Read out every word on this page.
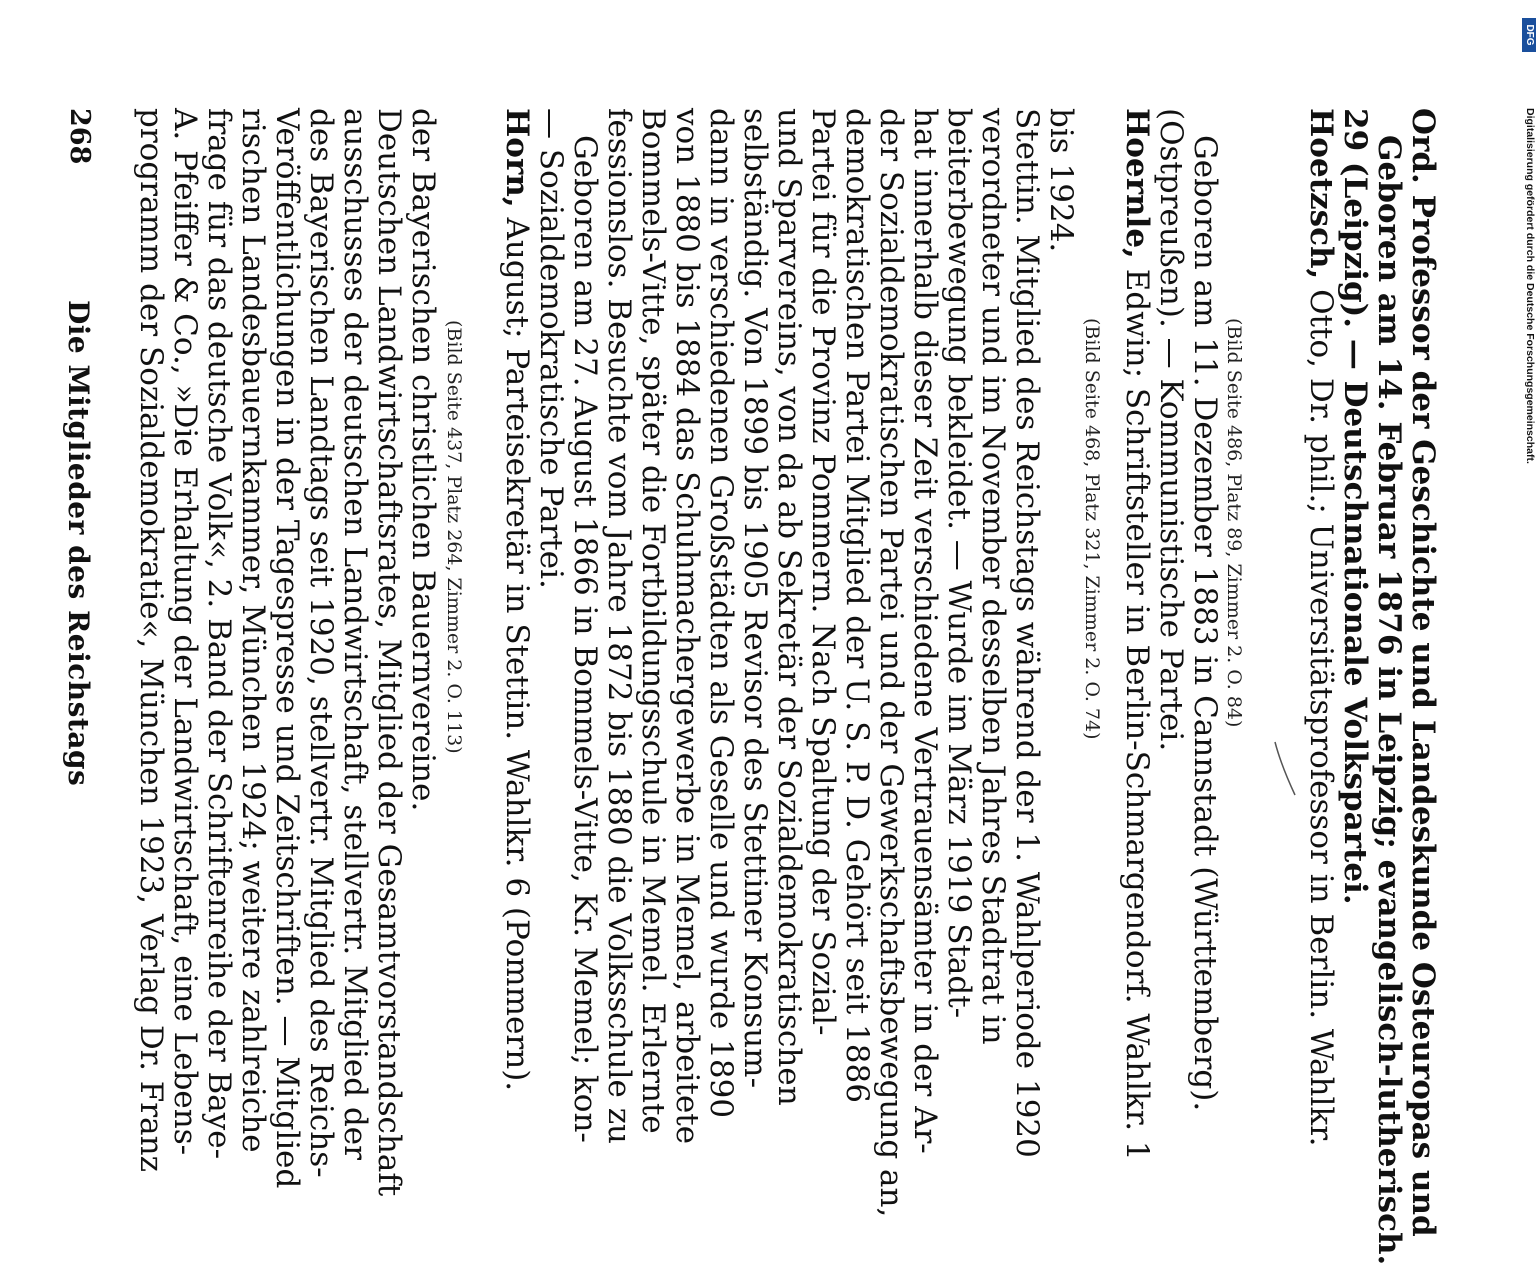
268
Die Mitglieder des Reichstags programm der Sozialdemokratie«, München 1923, Verlag Dr. Franz
A. Pfeiffer & Co., »Die Erhaltung der Landwirtschaft, eine Lebens-
frage für das deutsche Volk«, 2. Band der Schriftenreihe der Baye-
rischen Landesbauernkammer, München 1924; weitere zahlreiche
Veröffentlichungen in der Tagespresse und Zeitschriften. — Mitglied
des Bayerischen Landtags seit 1920, stellvertr. Mitglied des Reichs-
ausschusses der deutschen Landwirtschaft, stellvertr. Mitglied der
Deutschen Landwirtschaftsrates, Mitglied der Gesamtvorstandschaft
der Bayerischen christlichen Bauernvereine. (Bild Seite 437, Platz 264, Zimmer 2. O. 113)
Horn, August; Parteisekretär in Stettin. Wahlkr. 6 (Pommern).
— Sozialdemokratische Partei.
Geboren am 27. August 1866 in Bommels-Vitte, Kr. Memel; kon-
fessionslos. Besuchte vom Jahre 1872 bis 1880 die Volksschule zu
Bommels-Vitte, später die Fortbildungsschule in Memel. Erlernte
von 1880 bis 1884 das Schuhmachergewerbe in Memel, arbeitete
dann in verschiedenen Großstädten als Geselle und wurde 1890
selbständig. Von 1899 bis 1905 Revisor des Stettiner Konsum-
und Sparvereins, von da ab Sekretär der Sozialdemokratischen
Partei für die Provinz Pommern. Nach Spaltung der Sozial-
demokratischen Partei Mitglied der U. S. P. D. Gehört seit 1886
der Sozialdemokratischen Partei und der Gewerkschaftsbewegung an,
hat innerhalb dieser Zeit verschiedene Vertrauensämter in der Ar-
beiterbewegung bekleidet. — Wurde im März 1919 Stadt-
verordneter und im November desselben Jahres Stadtrat in
Stettin. Mitglied des Reichstags während der 1. Wahlperiode 1920
bis 1924.
(Bild Seite 468, Platz 321, Zimmer 2. O. 74)
Hoernle, Edwin; Schriftsteller in Berlin-Schmargendorf. Wahlkr. 1
(Ostpreußen). — Kommunistische Partei.
Geboren am 11. Dezember 1883 in Cannstadt (Württemberg). (Bild Seite 486, Platz 89, Zimmer 2. O. 84)
Hoetzsch, Otto, Dr. phil.; Universitätsprofessor in Berlin. Wahlkr.
29 (Leipzig). — Deutschnationale Volkspartei.
Geboren am 14. Februar 1876 in Leipzig; evangelisch-lutherisch.
Ord. Professor der Geschichte und Landeskunde Osteuropas und
DFG
Digitalisierung gefördert durch die Deutsche Forschungsgemeinschaft.
